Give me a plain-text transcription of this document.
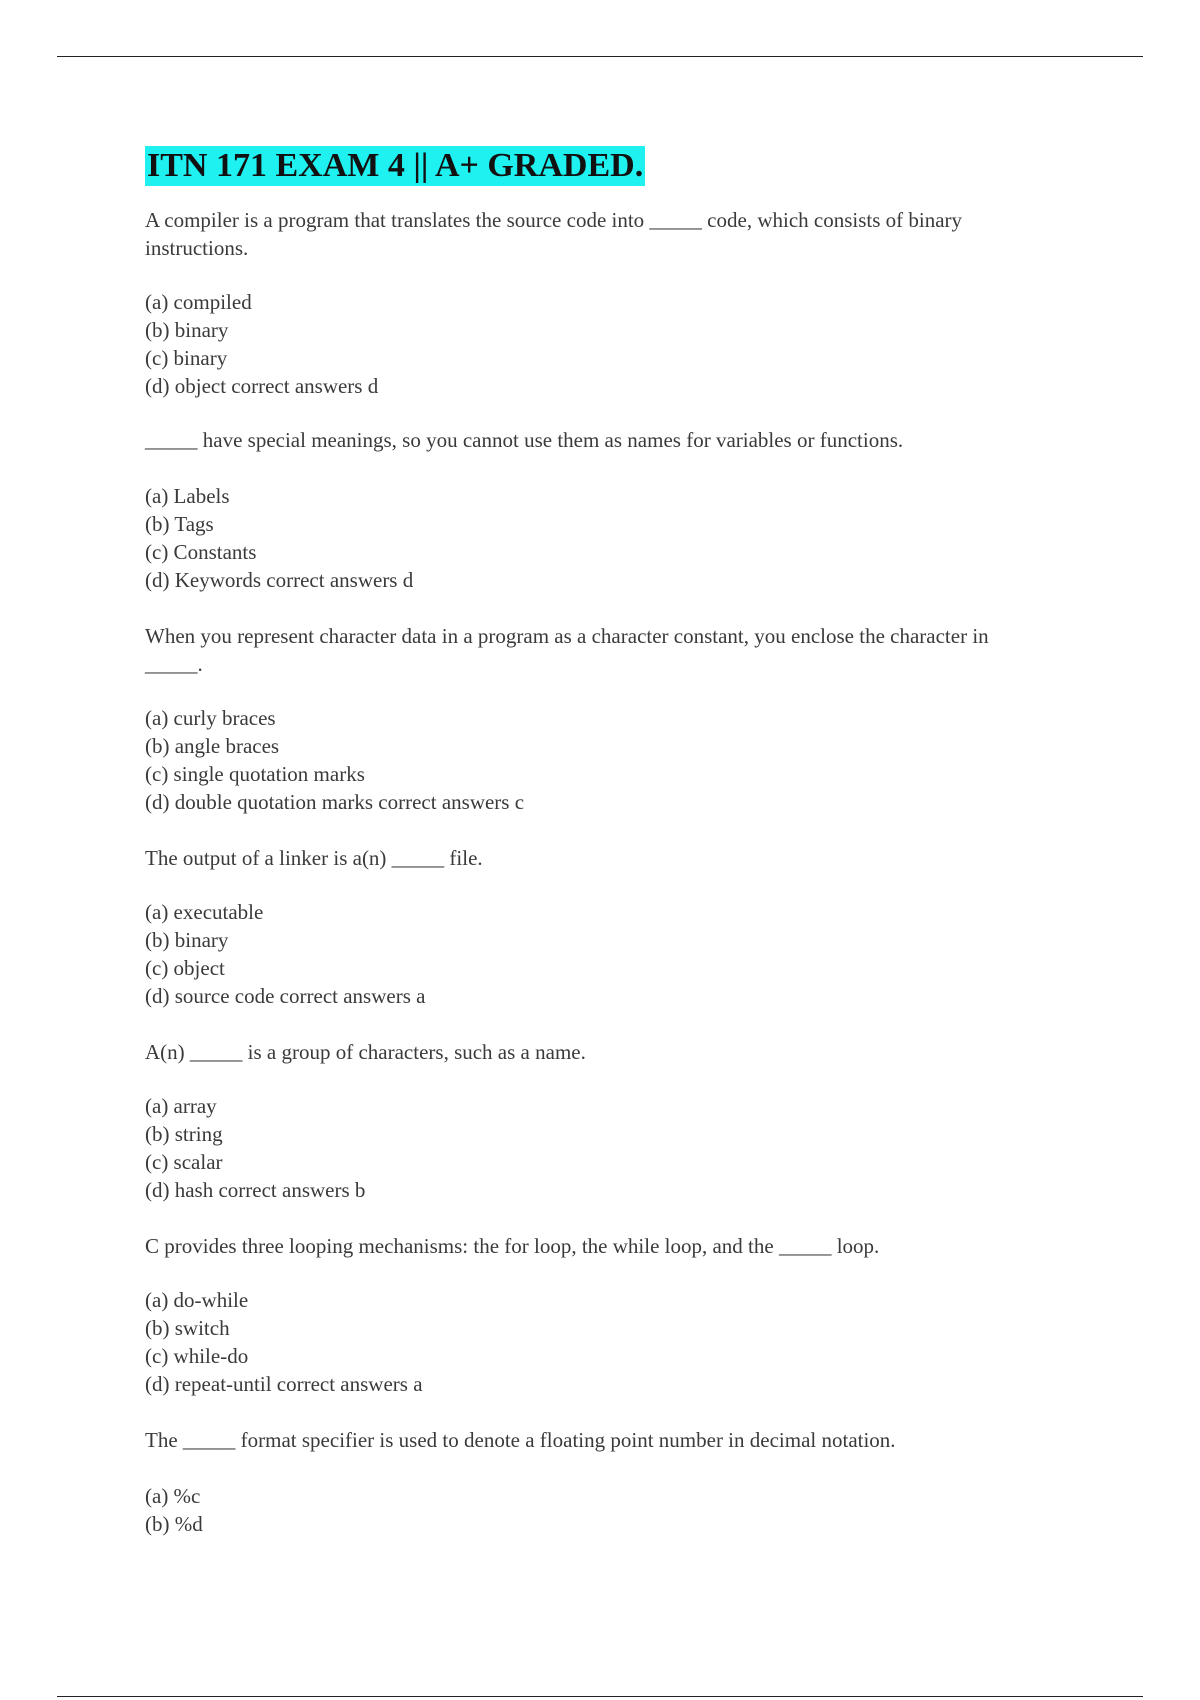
ITN 171 EXAM 4 || A+ GRADED.

A compiler is a program that translates the source code into _____ code, which consists of binary instructions.

(a) compiled
(b) binary
(c) binary
(d) object correct answers d

_____ have special meanings, so you cannot use them as names for variables or functions.

(a) Labels
(b) Tags
(c) Constants
(d) Keywords correct answers d

When you represent character data in a program as a character constant, you enclose the character in _____.

(a) curly braces
(b) angle braces
(c) single quotation marks
(d) double quotation marks correct answers c

The output of a linker is a(n) _____ file.

(a) executable
(b) binary
(c) object
(d) source code correct answers a

A(n) _____ is a group of characters, such as a name.

(a) array
(b) string
(c) scalar
(d) hash correct answers b

C provides three looping mechanisms: the for loop, the while loop, and the _____ loop.

(a) do-while
(b) switch
(c) while-do
(d) repeat-until correct answers a

The _____ format specifier is used to denote a floating point number in decimal notation.

(a) %c
(b) %d
